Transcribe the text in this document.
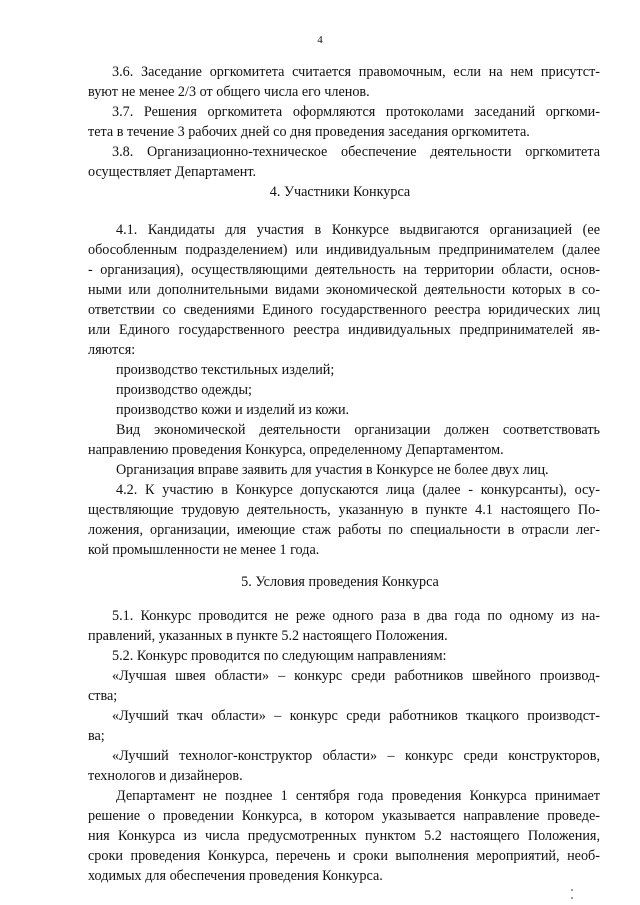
4
3.6. Заседание оргкомитета считается правомочным, если на нем присутст-
вуют не менее 2/3 от общего числа его членов.
3.7. Решения оргкомитета оформляются протоколами заседаний оргкоми-
тета в течение 3 рабочих дней со дня проведения заседания оргкомитета.
3.8. Организационно-техническое обеспечение деятельности оргкомитета
осуществляет Департамент.
4. Участники Конкурса
4.1. Кандидаты для участия в Конкурсе выдвигаются организацией (ее
обособленным подразделением) или индивидуальным предпринимателем (далее
- организация), осуществляющими деятельность на территории области, основ-
ными или дополнительными видами экономической деятельности которых в со-
ответствии со сведениями Единого государственного реестра юридических лиц
или Единого государственного реестра индивидуальных предпринимателей яв-
ляются:
производство текстильных изделий;
производство одежды;
производство кожи и изделий из кожи.
Вид экономической деятельности организации должен соответствовать
направлению проведения Конкурса, определенному Департаментом.
Организация вправе заявить для участия в Конкурсе не более двух лиц.
4.2. К участию в Конкурсе допускаются лица (далее - конкурсанты), осу-
ществляющие трудовую деятельность, указанную в пункте 4.1 настоящего По-
ложения, организации, имеющие стаж работы по специальности в отрасли лег-
кой промышленности не менее 1 года.
5. Условия проведения Конкурса
5.1. Конкурс проводится не реже одного раза в два года по одному из на-
правлений, указанных в пункте 5.2 настоящего Положения.
5.2. Конкурс проводится по следующим направлениям:
«Лучшая швея области» – конкурс среди работников швейного производ-
ства;
«Лучший ткач области» – конкурс среди работников ткацкого производст-
ва;
«Лучший технолог-конструктор области» – конкурс среди конструкторов,
технологов и дизайнеров.
Департамент не позднее 1 сентября года проведения Конкурса принимает
решение о проведении Конкурса, в котором указывается направление проведе-
ния Конкурса из числа предусмотренных пунктом 5.2 настоящего Положения,
сроки проведения Конкурса, перечень и сроки выполнения мероприятий, необ-
ходимых для обеспечения проведения Конкурса.
